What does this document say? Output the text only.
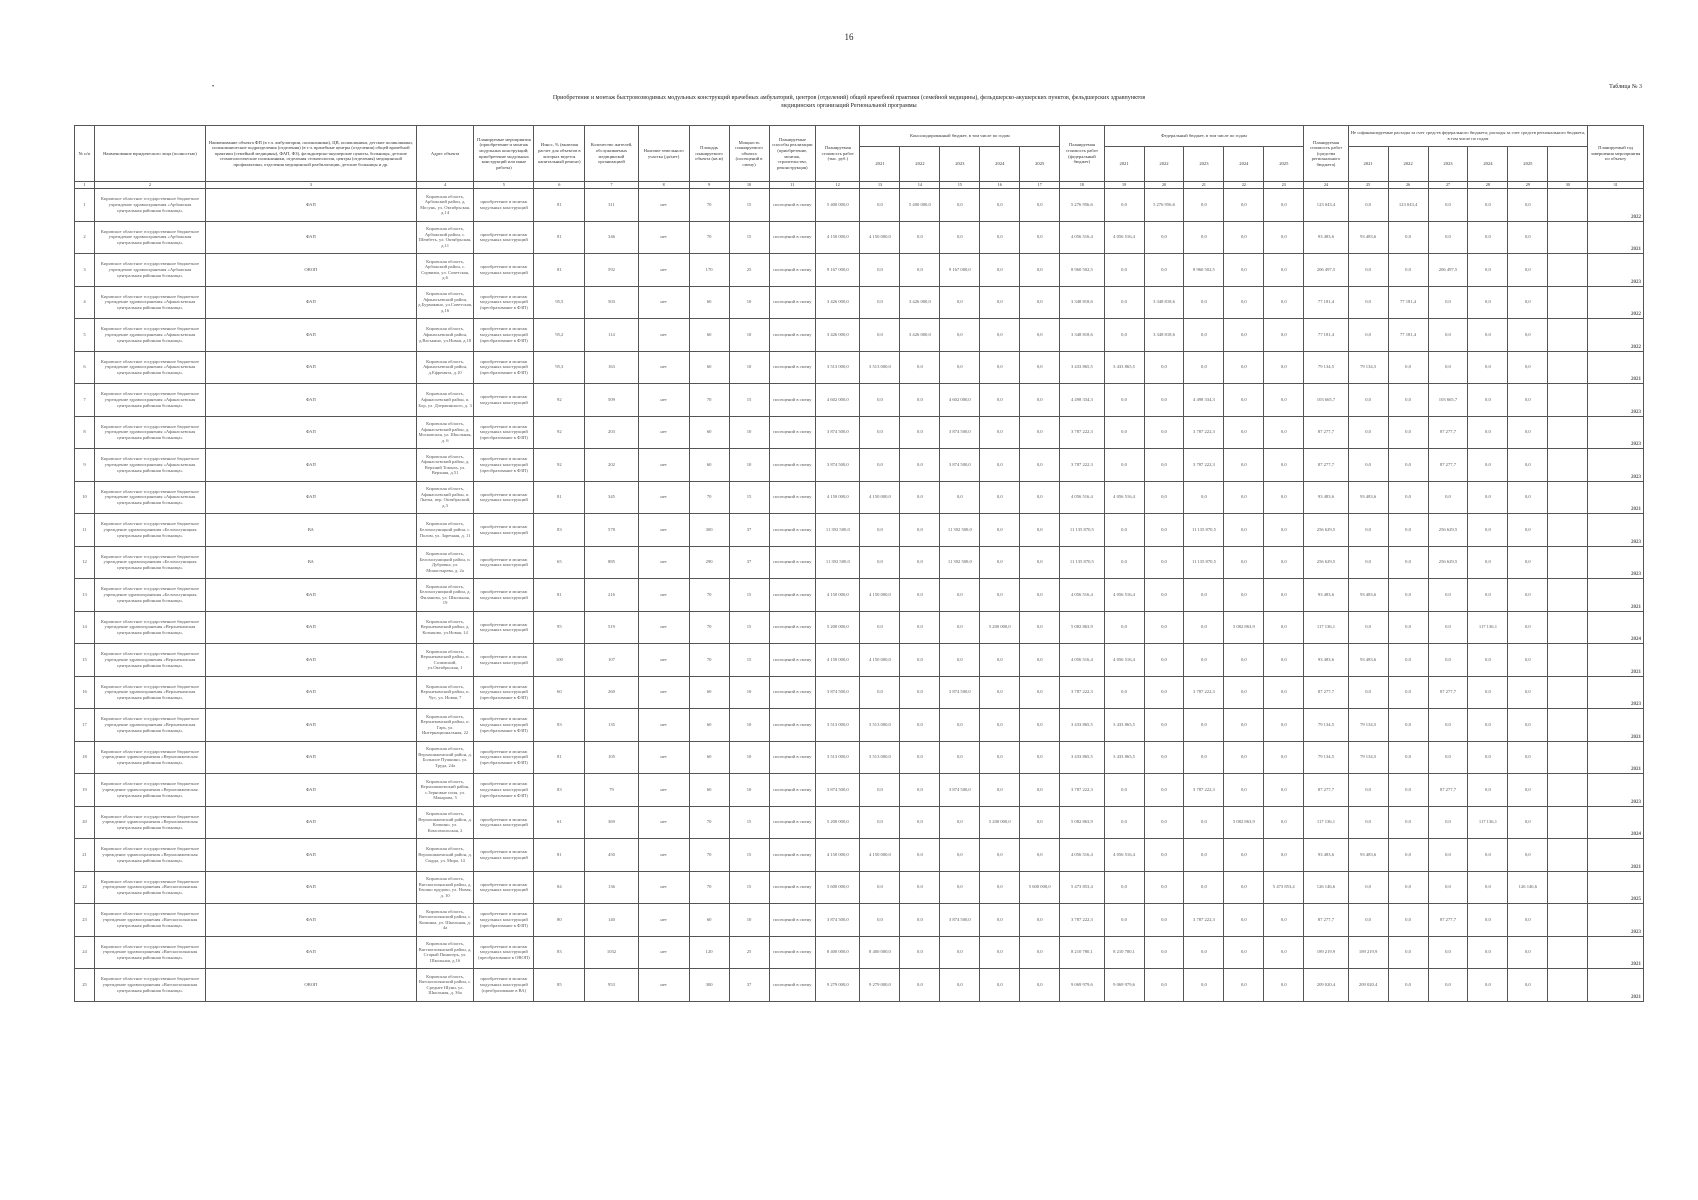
16
•	Таблица № 3
Приобретение и монтаж быстровозводимых модульных конструкций врачебных амбулаторий, центров (отделений) общей врачебной практики (семейной медицины), фельдшерско-акушерских пунктов, фельдшерских здравпунктов
медицинских организаций Региональной программы
№ п/п	Наименование юридического лица (полностью)	Наименование объекта ФП (в т.ч. амбулатории, поликлиники), ЦВ, поликлиники, детские поликлиники, поликлинические подразделения (отделения) (в т.ч. врачебные центры (отделения) общей врачебной практики (семейной медицины), ФАП, ФЗ), фельдшерско-акушерские пункты, больницы, детские стоматологические поликлиники, отделения стоматологии, центры (отделения) медицинской профилактики, отделения медицинской реабилитации, детские больницы и др.	Адрес объекта	Планируемые мероприятия (приобретение и монтаж модульных конструкций; приобретение модульных конструкций или иные работы)	Износ, % (включая расчет для объектов в которых ведется капитальный ремонт)	Количество жителей, обслуживаемых медицинской организацией	Наличие земельного участка (да/нет)	Площадь планируемого объекта (кв.м)	Мощность планируемого объекта (посещений в смену)	Планируемые способы реализации (приобретение, монтаж, строительство, реконструкция)	Планируемая стоимость работ (тыс. руб.)	Консолидированный бюджет, в том числе по годам					Планируемая стоимость работ (федеральный бюджет)	Федеральный бюджет, в том числе по годам					Планируемая стоимость работ (средства регионального бюджета)	Не софинансируемые расходы за счет средств федерального бюджета; расходы за счет средств регионального бюджета, в том числе по годам						Планируемый год завершения мероприятия по объекту
												2021	2022	2023	2024	2025		2021	2022	2023	2024	2025		2021	2022	2023	2024	2025		
1	2	3	4	5	6	7	8	9	10	11	12	13	14	15	16	17	18	19	20	21	22	23	24	25	26	27	28	29	30	31
1	Кировское областное государственное бюджетное учреждение здравоохранения «Арбажская центральная районная больница»	ФАП	Кировская область, Арбажский район, д. Мосунь, ул. Октябрьская, д.14	приобретение и монтаж модульных конструкций	81	311	нет	70	15	посещений в смену	5 400 000,0	0,0	5 400 000,0	0,0	0,0	0,0	5 276 956,6	0,0	5 276 956,6	0,0	0,0	0,0	123 043,4	0,0	123 043,4	0,0	0,0	0,0		2022
2	Кировское областное государственное бюджетное учреждение здравоохранения «Арбажская центральная районная больница»	ФАП	Кировская область, Арбажский район, с. Шембеть, ул. Октябрьская, д.11	приобретение и монтаж модульных конструкций	81	346	нет	70	15	посещений в смену	4 150 000,0	4 150 000,0	0,0	0,0	0,0	0,0	4 056 516,4	4 056 516,4	0,0	0,0	0,0	0,0	93 483,6	93 483,6	0,0	0,0	0,0	0,0		2021
3	Кировское областное государственное бюджетное учреждение здравоохранения «Арбажская центральная районная больница»	ОВОП	Кировская область, Арбажский район, с. Сорвижи, ул. Советская, д.6	приобретение и монтаж модульных конструкций	81	592	нет	170	25	посещений в смену	9 167 000,0	0,0	0,0	9 167 000,0	0,0	0,0	8 960 502,5	0,0	0,0	8 960 502,5	0,0	0,0	206 497,5	0,0	0,0	206 497,5	0,0	0,0		2023
4	Кировское областное государственное бюджетное учреждение здравоохранения «Афанасьевская центральная районная больница»	ФАП	Кировская область, Афанасьевский район, д.Бурмакино, ул.Советская, д.16	приобретение и монтаж модульных конструкций (преобразование в ФЗП)	95,5	503	нет	60	10	посещений в смену	3 426 000,0	0,0	3 426 000,0	0,0	0,0	0,0	3 348 818,6	0,0	3 348 818,6	0,0	0,0	0,0	77 181,4	0,0	77 181,4	0,0	0,0	0,0		2022
5	Кировское областное государственное бюджетное учреждение здравоохранения «Афанасьевская центральная районная больница»	ФАП	Кировская область, Афанасьевский район, д.Васькино, ул.Новая, д.18	приобретение и монтаж модульных конструкций (преобразование в ФЗП)	95,2	114	нет	60	10	посещений в смену	3 426 000,0	0,0	3 426 000,0	0,0	0,0	0,0	3 348 818,6	0,0	3 348 818,6	0,0	0,0	0,0	77 181,4	0,0	77 181,4	0,0	0,0	0,0		2022
6	Кировское областное государственное бюджетное учреждение здравоохранения «Афанасьевская центральная районная больница»	ФАП	Кировская область, Афанасьевский район, д.Ефремята, д.10	приобретение и монтаж модульных конструкций (преобразование в ФЗП)	95,3	163	нет	60	10	посещений в смену	3 513 000,0	3 513 000,0	0,0	0,0	0,0	0,0	3 433 865,5	3 433 865,5	0,0	0,0	0,0	0,0	79 134,5	79 134,5	0,0	0,0	0,0	0,0		2021
7	Кировское областное государственное бюджетное учреждение здравоохранения «Афанасьевская центральная районная больница»	ФАП	Кировская область, Афанасьевский район, п. Бор, ул. Дзержинского, д. 3	приобретение и монтаж модульных конструкций	92	509	нет	70	15	посещений в смену	4 602 000,0	0,0	0,0	4 602 000,0	0,0	0,0	4 498 334,3	0,0	0,0	4 498 334,3	0,0	0,0	103 665,7	0,0	0,0	103 665,7	0,0	0,0		2023
8	Кировское областное государственное бюджетное учреждение здравоохранения «Афанасьевская центральная районная больница»	ФАП	Кировская область, Афанасьевский район, д. Московская, ул. Школьная, д. 6	приобретение и монтаж модульных конструкций (преобразование в ФЗП)	92	203	нет	60	10	посещений в смену	3 874 500,0	0,0	0,0	3 874 500,0	0,0	0,0	3 787 222,3	0,0	0,0	3 787 222,3	0,0	0,0	87 277,7	0,0	0,0	87 277,7	0,0	0,0		2023
9	Кировское областное государственное бюджетное учреждение здравоохранения «Афанасьевская центральная районная больница»	ФАП	Кировская область, Афанасьевский район, д. Верхний Томызь, ул. Верхняя, д.51	приобретение и монтаж модульных конструкций (преобразование в ФЗП)	92	202	нет	60	10	посещений в смену	3 874 500,0	0,0	0,0	3 874 500,0	0,0	0,0	3 787 222,3	0,0	0,0	3 787 222,3	0,0	0,0	87 277,7	0,0	0,0	87 277,7	0,0	0,0		2023
10	Кировское областное государственное бюджетное учреждение здравоохранения «Афанасьевская центральная районная больница»	ФАП	Кировская область, Афанасьевский район, п. Лытка, пер. Октябрьский, д.3	приобретение и монтаж модульных конструкций	81	345	нет	70	15	посещений в смену	4 150 000,0	4 150 000,0	0,0	0,0	0,0	0,0	4 056 516,4	4 056 516,4	0,0	0,0	0,0	0,0	93 483,6	93 483,6	0,0	0,0	0,0	0,0		2021
11	Кировское областное государственное бюджетное учреждение здравоохранения «Белохолуницкая центральная районная больница»	ВА	Кировская область, Белохолуницкий район, с. Полом, ул. Заречная, д. 11	приобретение и монтаж модульных конструкций	83	578	нет	300	37	посещений в смену	11 392 500,0	0,0	0,0	11 392 500,0	0,0	0,0	11 135 870,5	0,0	0,0	11 135 870,5	0,0	0,0	256 629,5	0,0	0,0	256 629,5	0,0	0,0		2023
12	Кировское областное государственное бюджетное учреждение здравоохранения «Белохолуницкая центральная районная больница»	ВА	Кировская область, Белохолуницкий район, п. Дубровка, ул. Монастырева, д. 2а	приобретение и монтаж модульных конструкций	65	885	нет	290	37	посещений в смену	11 392 500,0	0,0	0,0	11 392 500,0	0,0	0,0	11 135 870,5	0,0	0,0	11 135 870,5	0,0	0,0	256 629,5	0,0	0,0	256 629,5	0,0	0,0		2023
13	Кировское областное государственное бюджетное учреждение здравоохранения «Белохолуницкая центральная районная больница»	ФАП	Кировская область, Белохолуницкий район, д. Филаново, ул. Школьная, 19	приобретение и монтаж модульных конструкций	81	216	нет	70	15	посещений в смену	4 150 000,0	4 150 000,0	0,0	0,0	0,0	0,0	4 056 516,4	4 056 516,4	0,0	0,0	0,0	0,0	93 483,6	93 483,6	0,0	0,0	0,0	0,0		2021
14	Кировское областное государственное бюджетное учреждение здравоохранения «Верхнекамская центральная районная больница»	ФАП	Кировская область, Верхнекамский район, д. Козыково, ул.Новая, 14	приобретение и монтаж модульных конструкций	95	519	нет	70	15	посещений в смену	5 200 000,0	0,0	0,0	0,0	5 200 000,0	0,0	5 082 863,9	0,0	0,0	0,0	5 082 863,9	0,0	117 136,1	0,0	0,0	0,0	117 136,1	0,0		2024
15	Кировское областное государственное бюджетное учреждение здравоохранения «Верхнекамская центральная районная больница»	ФАП	Кировская область, Верхнекамский район, п. Созимский, ул.Октябрьская, 1	приобретение и монтаж модульных конструкций	100	107	нет	70	15	посещений в смену	4 150 000,0	4 150 000,0	0,0	0,0	0,0	0,0	4 056 516,4	4 056 516,4	0,0	0,0	0,0	0,0	93 483,6	93 483,6	0,0	0,0	0,0	0,0		2021
16	Кировское областное государственное бюджетное учреждение здравоохранения «Верхнекамская центральная районная больница»	ФАП	Кировская область, Верхнекамский район, п. Чус, ул. Новая, 7	приобретение и монтаж модульных конструкций (преобразование в ФЗП)	60	260	нет	60	10	посещений в смену	3 874 500,0	0,0	0,0	3 874 500,0	0,0	0,0	3 787 222,3	0,0	0,0	3 787 222,3	0,0	0,0	87 277,7	0,0	0,0	87 277,7	0,0	0,0		2023
17	Кировское областное государственное бюджетное учреждение здравоохранения «Верхнекамская центральная районная больница»	ФАП	Кировская область, Верхнекамский район, п. Гарь, ул. Интернациональная, 22	приобретение и монтаж модульных конструкций (преобразование в ФЗП)	83	135	нет	60	10	посещений в смену	3 513 000,0	3 513 000,0	0,0	0,0	0,0	0,0	3 433 865,5	3 433 865,5	0,0	0,0	0,0	0,0	79 134,5	79 134,5	0,0	0,0	0,0	0,0		2021
18	Кировское областное государственное бюджетное учреждение здравоохранения «Верхошижемская центральная районная больница»	ФАП	Кировская область, Верхошижемский район, д. Большое Пушкино, ул. Труда, 24а	приобретение и монтаж модульных конструкций (преобразование в ФЗП)	81	105	нет	60	10	посещений в смену	3 513 000,0	3 513 000,0	0,0	0,0	0,0	0,0	3 433 865,5	3 433 865,5	0,0	0,0	0,0	0,0	79 134,5	79 134,5	0,0	0,0	0,0	0,0		2021
19	Кировское областное государственное бюджетное учреждение здравоохранения «Верхошижемская центральная районная больница»	ФАП	Кировская область, Верхошижемский район, с.Зерновые поля, ул. Макарова, 5	приобретение и монтаж модульных конструкций (преобразование в ФЗП)	83	79	нет	60	10	посещений в смену	3 874 500,0	0,0	0,0	3 874 500,0	0,0	0,0	3 787 222,3	0,0	0,0	3 787 222,3	0,0	0,0	87 277,7	0,0	0,0	87 277,7	0,0	0,0		2023
20	Кировское областное государственное бюджетное учреждение здравоохранения «Верхошижемская центральная районная больница»	ФАП	Кировская область, Верхошижемский район, д. Кочкино, ул. Комсомольская, 2	приобретение и монтаж модульных конструкций	61	369	нет	70	15	посещений в смену	5 200 000,0	0,0	0,0	0,0	5 200 000,0	0,0	5 082 863,9	0,0	0,0	0,0	5 082 863,9	0,0	117 136,1	0,0	0,0	0,0	117 136,1	0,0		2024
21	Кировское областное государственное бюджетное учреждение здравоохранения «Верхошижемская центральная районная больница»	ФАП	Кировская область, Верхошижемский район, д. Сырда, ул. Мира, 14	приобретение и монтаж модульных конструкций	81	450	нет	70	15	посещений в смену	4 150 000,0	4 150 000,0	0,0	0,0	0,0	0,0	4 056 516,4	4 056 516,4	0,0	0,0	0,0	0,0	93 483,6	93 483,6	0,0	0,0	0,0	0,0		2021
22	Кировское областное государственное бюджетное учреждение здравоохранения «Вятскополянская центральная районная больница»	ФАП	Кировская область, Вятскополянский район, д. Евсино прудово, ул. Новая, д. 10	приобретение и монтаж модульных конструкций	84	136	нет	70	15	посещений в смену	5 600 000,0	0,0	0,0	0,0	0,0	5 600 000,0	5 473 853,4	0,0	0,0	0,0	0,0	5 473 853,4	126 146,6	0,0	0,0	0,0	0,0	126 146,6		2025
23	Кировское областное государственное бюджетное учреждение здравоохранения «Вятскополянская центральная районная больница»	ФАП	Кировская область, Вятскополянский район, с. Коминка, ул. Школьная, д. 4а	приобретение и монтаж модульных конструкций (преобразование в ФЗП)	80	140	нет	60	10	посещений в смену	3 874 500,0	0,0	0,0	3 874 500,0	0,0	0,0	3 787 222,3	0,0	0,0	3 787 222,3	0,0	0,0	87 277,7	0,0	0,0	87 277,7	0,0	0,0		2023
24	Кировское областное государственное бюджетное учреждение здравоохранения «Вятскополянская центральная районная больница»	ФАП	Кировская область, Вятскополянский район, д. Старый Пинигерь, ул. Школьная, д.16	приобретение и монтаж модульных конструкций (преобразование в ОВОП)	83	1032	нет	120	25	посещений в смену	8 400 000,0	8 400 000,0	0,0	0,0	0,0	0,0	8 210 780,1	8 210 780,1	0,0	0,0	0,0	0,0	189 219,9	189 219,9	0,0	0,0	0,0	0,0		2021
25	Кировское областное государственное бюджетное учреждение здравоохранения «Вятскополянская центральная районная больница»	ОВОП	Кировская область, Вятскополянский район, с. Среднее Шуни, ул. Школьная, д. 36а	приобретение и монтаж модульных конструкций (преобразование в ВА)	85	953	нет	300	37	посещений в смену	9 279 000,0	9 279 000,0	0,0	0,0	0,0	0,0	9 069 979,6	9 069 979,6	0,0	0,0	0,0	0,0	209 020,4	209 020,4	0,0	0,0	0,0	0,0		2021
